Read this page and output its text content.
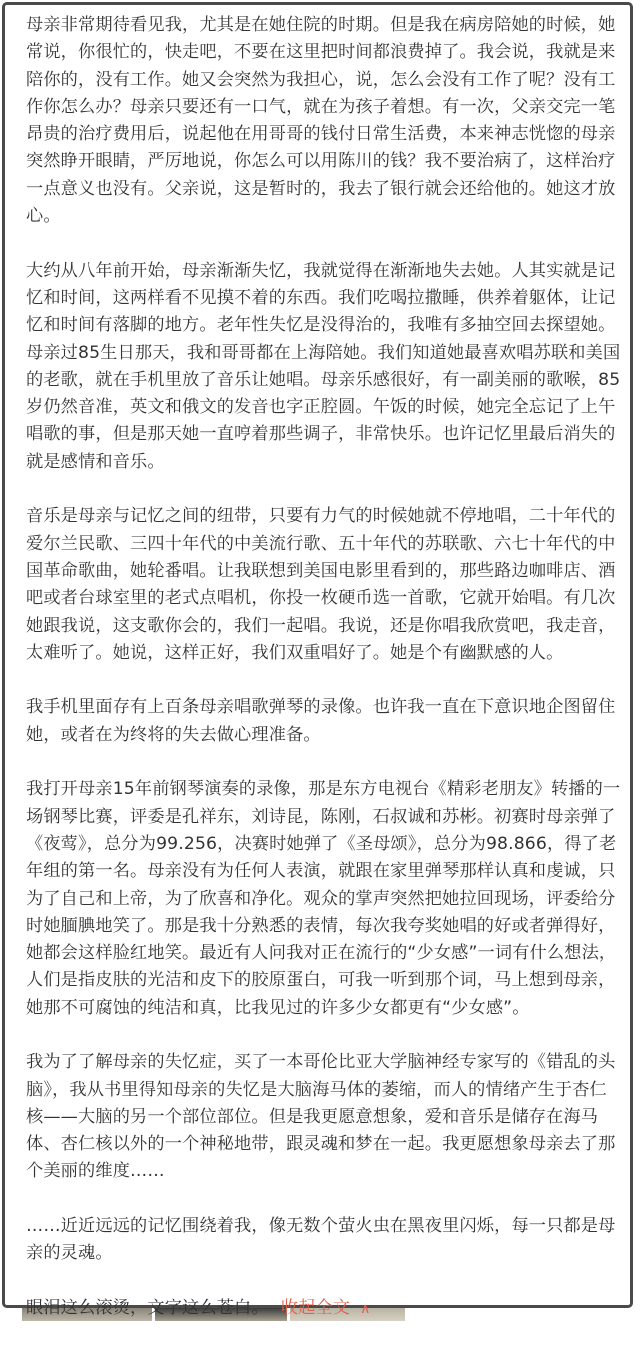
母亲非常期待看见我，尤其是在她住院的时期。但是我在病房陪她的时候，她常说，你很忙的，快走吧，不要在这里把时间都浪费掉了。我会说，我就是来陪你的，没有工作。她又会突然为我担心，说，怎么会没有工作了呢？没有工作你怎么办？母亲只要还有一口气，就在为孩子着想。有一次，父亲交完一笔昂贵的治疗费用后，说起他在用哥哥的钱付日常生活费，本来神志恍惚的母亲突然睁开眼睛，严厉地说，你怎么可以用陈川的钱？我不要治病了，这样治疗一点意义也没有。父亲说，这是暂时的，我去了银行就会还给他的。她这才放心。

大约从八年前开始，母亲渐渐失忆，我就觉得在渐渐地失去她。人其实就是记忆和时间，这两样看不见摸不着的东西。我们吃喝拉撒睡，供养着躯体，让记忆和时间有落脚的地方。老年性失忆是没得治的，我唯有多抽空回去探望她。母亲过85生日那天，我和哥哥都在上海陪她。我们知道她最喜欢唱苏联和美国的老歌，就在手机里放了音乐让她唱。母亲乐感很好，有一副美丽的歌喉，85岁仍然音准，英文和俄文的发音也字正腔圆。午饭的时候，她完全忘记了上午唱歌的事，但是那天她一直哼着那些调子，非常快乐。也许记忆里最后消失的就是感情和音乐。

音乐是母亲与记忆之间的纽带，只要有力气的时候她就不停地唱，二十年代的爱尔兰民歌、三四十年代的中美流行歌、五十年代的苏联歌、六七十年代的中国革命歌曲，她轮番唱。让我联想到美国电影里看到的，那些路边咖啡店、酒吧或者台球室里的老式点唱机，你投一枚硬币选一首歌，它就开始唱。有几次她跟我说，这支歌你会的，我们一起唱。我说，还是你唱我欣赏吧，我走音，太难听了。她说，这样正好，我们双重唱好了。她是个有幽默感的人。

我手机里面存有上百条母亲唱歌弹琴的录像。也许我一直在下意识地企图留住她，或者在为终将的失去做心理准备。

我打开母亲15年前钢琴演奏的录像，那是东方电视台《精彩老朋友》转播的一场钢琴比赛，评委是孔祥东，刘诗昆，陈刚，石叔诚和苏彬。初赛时母亲弹了《夜莺》，总分为99.256，决赛时她弹了《圣母颂》，总分为98.866，得了老年组的第一名。母亲没有为任何人表演，就跟在家里弹琴那样认真和虔诚，只为了自己和上帝，为了欣喜和净化。观众的掌声突然把她拉回现场，评委给分时她腼腆地笑了。那是我十分熟悉的表情，每次我夸奖她唱的好或者弹得好，她都会这样脸红地笑。最近有人问我对正在流行的“少女感”一词有什么想法，人们是指皮肤的光洁和皮下的胶原蛋白，可我一听到那个词，马上想到母亲，她那不可腐蚀的纯洁和真，比我见过的许多少女都更有“少女感”。

我为了了解母亲的失忆症，买了一本哥伦比亚大学脑神经专家写的《错乱的头脑》，我从书里得知母亲的失忆是大脑海马体的萎缩，而人的情绪产生于杏仁核——大脑的另一个部位部位。但是我更愿意想象，爱和音乐是储存在海马体、杏仁核以外的一个神秘地带，跟灵魂和梦在一起。我更愿想象母亲去了那个美丽的维度……

……近近远远的记忆围绕着我，像无数个萤火虫在黑夜里闪烁，每一只都是母亲的灵魂。

眼泪这么滚烫，文字这么苍白。 收起全文 ∧
